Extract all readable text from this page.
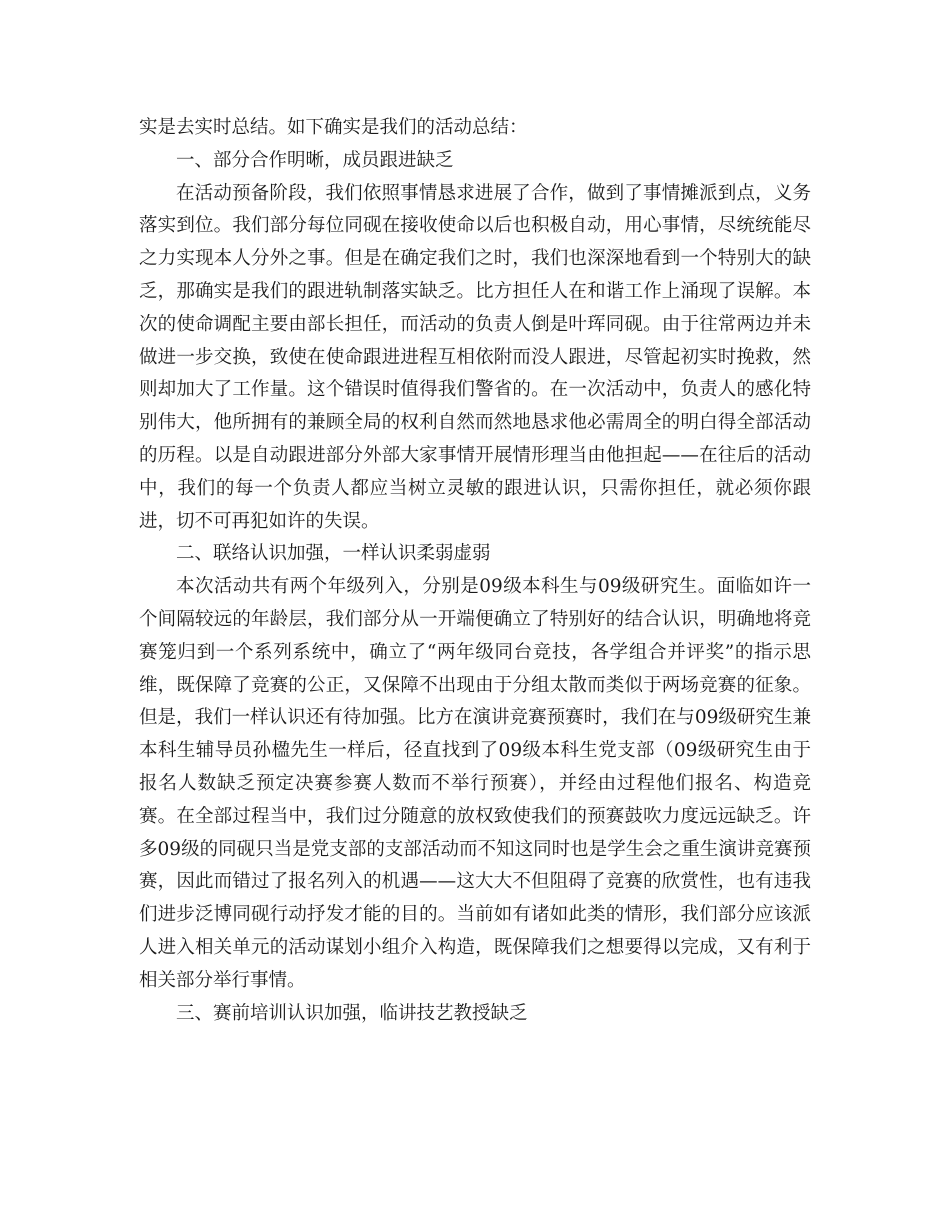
实是去实时总结。如下确实是我们的活动总结：

一、部分合作明晰，成员跟进缺乏

在活动预备阶段，我们依照事情恳求进展了合作，做到了事情摊派到点，义务落实到位。我们部分每位同砚在接收使命以后也积极自动，用心事情，尽统统能尽之力实现本人分外之事。但是在确定我们之时，我们也深深地看到一个特别大的缺乏，那确实是我们的跟进轨制落实缺乏。比方担任人在和谐工作上涌现了误解。本次的使命调配主要由部长担任，而活动的负责人倒是叶珲同砚。由于往常两边并未做进一步交换，致使在使命跟进进程互相依附而没人跟进，尽管起初实时挽救，然则却加大了工作量。这个错误时值得我们警省的。在一次活动中，负责人的感化特别伟大，他所拥有的兼顾全局的权利自然而然地恳求他必需周全的明白得全部活动的历程。以是自动跟进部分外部大家事情开展情形理当由他担起——在往后的活动中，我们的每一个负责人都应当树立灵敏的跟进认识，只需你担任，就必须你跟进，切不可再犯如许的失误。

二、联络认识加强，一样认识柔弱虚弱

本次活动共有两个年级列入，分别是09级本科生与09级研究生。面临如许一个间隔较远的年龄层，我们部分从一开端便确立了特别好的结合认识，明确地将竞赛笼归到一个系列系统中，确立了“两年级同台竞技，各学组合并评奖”的指示思维，既保障了竞赛的公正，又保障不出现由于分组太散而类似于两场竞赛的征象。但是，我们一样认识还有待加强。比方在演讲竞赛预赛时，我们在与09级研究生兼本科生辅导员孙楹先生一样后，径直找到了09级本科生党支部（09级研究生由于报名人数缺乏预定决赛参赛人数而不举行预赛），并经由过程他们报名、构造竞赛。在全部过程当中，我们过分随意的放权致使我们的预赛鼓吹力度远远缺乏。许多09级的同砚只当是党支部的支部活动而不知这同时也是学生会之重生演讲竞赛预赛，因此而错过了报名列入的机遇——这大大不但阻碍了竞赛的欣赏性，也有违我们进步泛博同砚行动抒发才能的目的。当前如有诸如此类的情形，我们部分应该派人进入相关单元的活动谋划小组介入构造，既保障我们之想要得以完成，又有利于相关部分举行事情。

三、赛前培训认识加强，临讲技艺教授缺乏
